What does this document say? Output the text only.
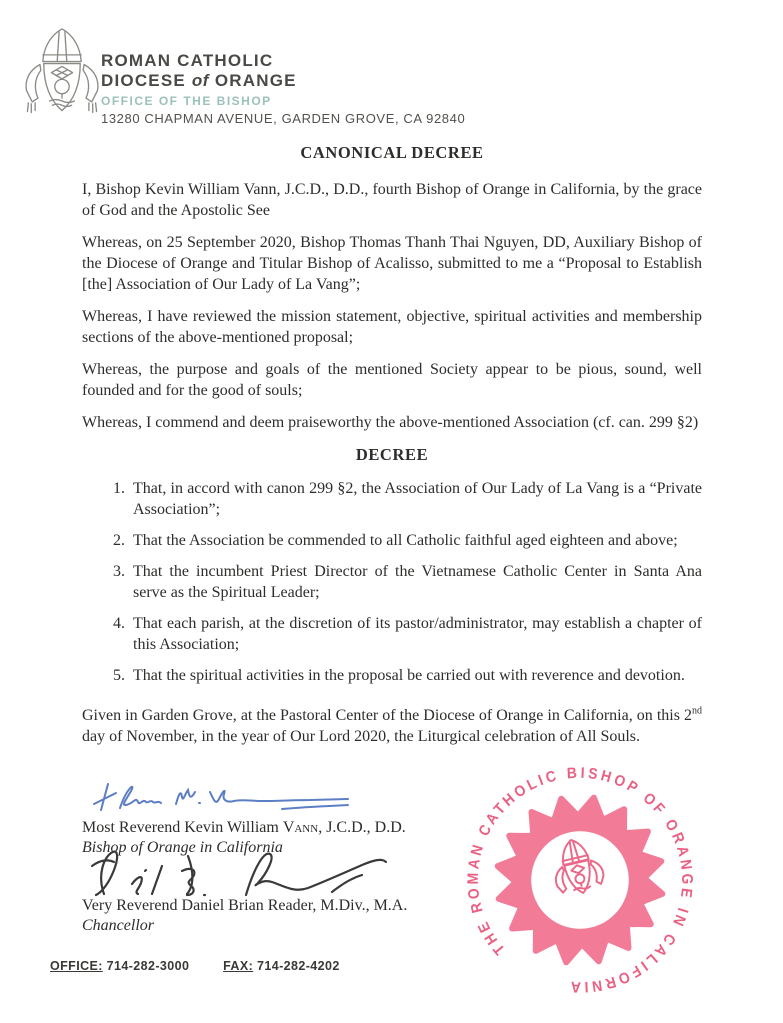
ROMAN CATHOLIC
DIOCESE of ORANGE
OFFICE OF THE BISHOP
13280 CHAPMAN AVENUE, GARDEN GROVE, CA 92840
CANONICAL DECREE

I, Bishop Kevin William Vann, J.C.D., D.D., fourth Bishop of Orange in California, by the grace of God and the Apostolic See

Whereas, on 25 September 2020, Bishop Thomas Thanh Thai Nguyen, DD, Auxiliary Bishop of the Diocese of Orange and Titular Bishop of Acalisso, submitted to me a “Proposal to Establish [the] Association of Our Lady of La Vang”;

Whereas, I have reviewed the mission statement, objective, spiritual activities and membership sections of the above-mentioned proposal;

Whereas, the purpose and goals of the mentioned Society appear to be pious, sound, well founded and for the good of souls;

Whereas, I commend and deem praiseworthy the above-mentioned Association (cf. can. 299 §2)

DECREE
That, in accord with canon 299 §2, the Association of Our Lady of La Vang is a “Private Association”;
That the Association be commended to all Catholic faithful aged eighteen and above;
That the incumbent Priest Director of the Vietnamese Catholic Center in Santa Ana serve as the Spiritual Leader;
That each parish, at the discretion of its pastor/administrator, may establish a chapter of this Association;
That the spiritual activities in the proposal be carried out with reverence and devotion.

Given in Garden Grove, at the Pastoral Center of the Diocese of Orange in California, on this 2nd day of November, in the year of Our Lord 2020, the Liturgical celebration of All Souls.

Most Reverend Kevin William Vann, J.C.D., D.D.
Bishop of Orange in California
Very Reverend Daniel Brian Reader, M.Div., M.A.
Chancellor
THE ROMAN CATHOLIC BISHOP OF ORANGE IN CALIFORNIA
OFFICE: 714-282-3000	FAX: 714-282-4202
